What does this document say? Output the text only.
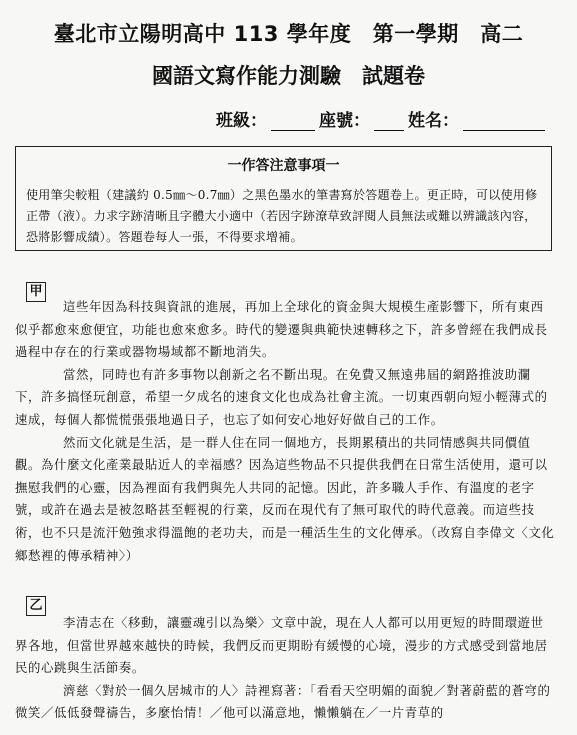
臺北市立陽明高中 113 學年度　第一學期　高二
國語文寫作能力測驗　試題卷
班級：	座號： 姓名：
一作答注意事項一
使用筆尖較粗（建議約 0.5㎜～0.7㎜）之黑色墨水的筆書寫於答題卷上。更正時，可以使用修正帶（液）。力求字跡清晰且字體大小適中（若因字跡潦草致評閱人員無法或難以辨識該內容，恐將影響成績）。答題卷每人一張，不得要求增補。
甲

這些年因為科技與資訊的進展，再加上全球化的資金與大規模生產影響下，所有東西似乎都愈來愈便宜，功能也愈來愈多。時代的變遷與典範快速轉移之下，許多曾經在我們成長過程中存在的行業或器物場域都不斷地消失。

當然，同時也有許多事物以創新之名不斷出現。在免費又無遠弗屆的網路推波助瀾下，許多搞怪玩創意，希望一夕成名的速食文化也成為社會主流。一切東西朝向短小輕薄式的速成，每個人都慌慌張張地過日子，也忘了如何安心地好好做自己的工作。

然而文化就是生活，是一群人住在同一個地方，長期累積出的共同情感與共同價值觀。為什麼文化產業最貼近人的幸福感？因為這些物品不只提供我們在日常生活使用，還可以撫慰我們的心靈，因為裡面有我們與先人共同的記憶。因此，許多職人手作、有溫度的老字號，或許在過去是被忽略甚至輕視的行業，反而在現代有了無可取代的時代意義。而這些技術，也不只是流汗勉強求得溫飽的老功夫，而是一種活生生的文化傳承。（改寫自李偉文〈文化鄉愁裡的傳承精神〉）

乙

李清志在〈移動，讓靈魂引以為樂〉文章中說，現在人人都可以用更短的時間環遊世界各地，但當世界越來越快的時候，我們反而更期盼有緩慢的心境，漫步的方式感受到當地居民的心跳與生活節奏。

濟慈〈對於一個久居城市的人〉詩裡寫著：「看看天空明媚的面貌／對著蔚藍的蒼穹的微笑／低低發聲禱告，多麼怡情！／他可以滿意地，懶懶躺在／一片青草的
